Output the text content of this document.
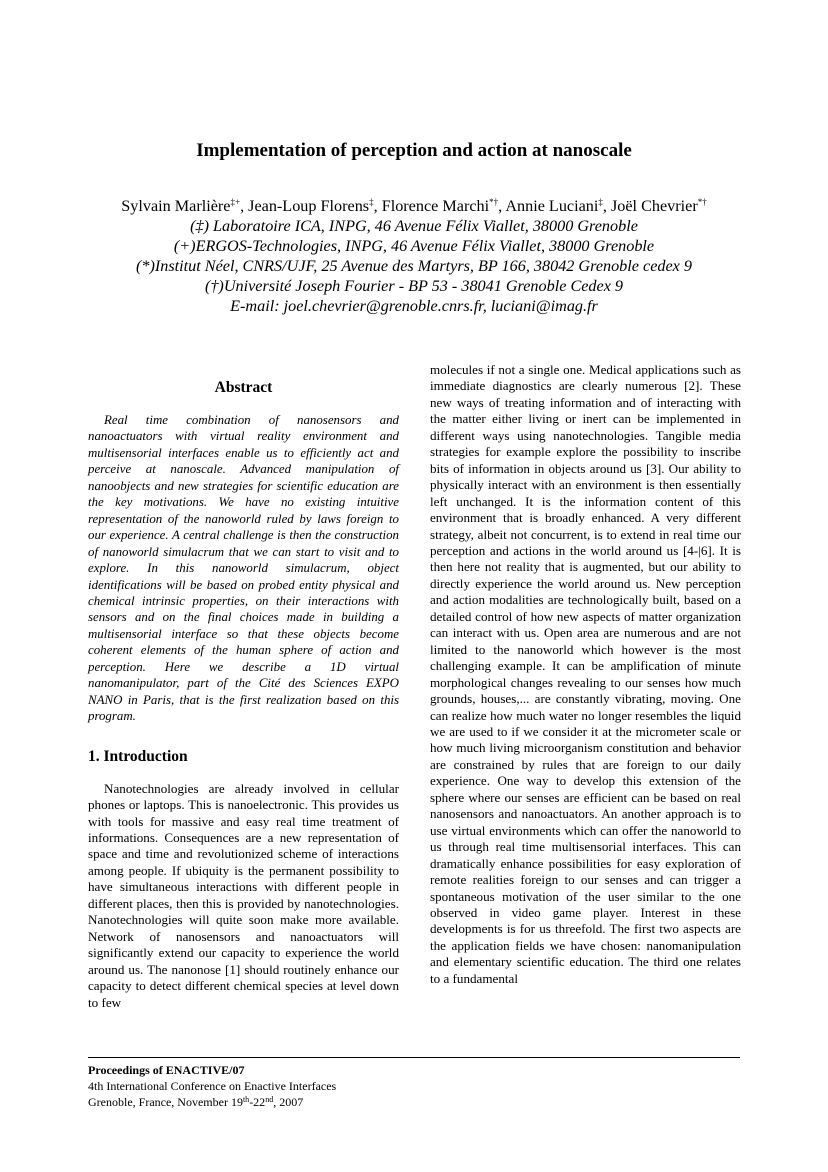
Implementation of perception and action at nanoscale
Sylvain Marlière‡+, Jean-Loup Florens‡, Florence Marchi*†, Annie Luciani‡, Joël Chevrier*†
(‡) Laboratoire ICA, INPG, 46 Avenue Félix Viallet, 38000 Grenoble
(+)ERGOS-Technologies, INPG, 46 Avenue Félix Viallet, 38000 Grenoble
(*)Institut Néel, CNRS/UJF, 25 Avenue des Martyrs, BP 166, 38042 Grenoble cedex 9
(†)Université Joseph Fourier - BP 53 - 38041 Grenoble Cedex 9
E-mail: joel.chevrier@grenoble.cnrs.fr, luciani@imag.fr
Abstract

Real time combination of nanosensors and nanoactuators with virtual reality environment and multisensorial interfaces enable us to efficiently act and perceive at nanoscale. Advanced manipulation of nanoobjects and new strategies for scientific education are the key motivations. We have no existing intuitive representation of the nanoworld ruled by laws foreign to our experience. A central challenge is then the construction of nanoworld simulacrum that we can start to visit and to explore. In this nanoworld simulacrum, object identifications will be based on probed entity physical and chemical intrinsic properties, on their interactions with sensors and on the final choices made in building a multisensorial interface so that these objects become coherent elements of the human sphere of action and perception. Here we describe a 1D virtual nanomanipulator, part of the Cité des Sciences EXPO NANO in Paris, that is the first realization based on this program.

1. Introduction

Nanotechnologies are already involved in cellular phones or laptops. This is nanoelectronic. This provides us with tools for massive and easy real time treatment of informations. Consequences are a new representation of space and time and revolutionized scheme of interactions among people. If ubiquity is the permanent possibility to have simultaneous interactions with different people in different places, then this is provided by nanotechnologies. Nanotechnologies will quite soon make more available. Network of nanosensors and nanoactuators will significantly extend our capacity to experience the world around us. The nanonose [1] should routinely enhance our capacity to detect different chemical species at level down to few

molecules if not a single one. Medical applications such as immediate diagnostics are clearly numerous [2]. These new ways of treating information and of interacting with the matter either living or inert can be implemented in different ways using nanotechnologies. Tangible media strategies for example explore the possibility to inscribe bits of information in objects around us [3]. Our ability to physically interact with an environment is then essentially left unchanged. It is the information content of this environment that is broadly enhanced. A very different strategy, albeit not concurrent, is to extend in real time our perception and actions in the world around us [4-|6]. It is then here not reality that is augmented, but our ability to directly experience the world around us. New perception and action modalities are technologically built, based on a detailed control of how new aspects of matter organization can interact with us. Open area are numerous and are not limited to the nanoworld which however is the most challenging example. It can be amplification of minute morphological changes revealing to our senses how much grounds, houses,... are constantly vibrating, moving. One can realize how much water no longer resembles the liquid we are used to if we consider it at the micrometer scale or how much living microorganism constitution and behavior are constrained by rules that are foreign to our daily experience. One way to develop this extension of the sphere where our senses are efficient can be based on real nanosensors and nanoactuators. An another approach is to use virtual environments which can offer the nanoworld to us through real time multisensorial interfaces. This can dramatically enhance possibilities for easy exploration of remote realities foreign to our senses and can trigger a spontaneous motivation of the user similar to the one observed in video game player. Interest in these developments is for us threefold. The first two aspects are the application fields we have chosen: nanomanipulation and elementary scientific education. The third one relates to a fundamental

Proceedings of ENACTIVE/07
4th International Conference on Enactive Interfaces
Grenoble, France, November 19th-22nd, 2007
